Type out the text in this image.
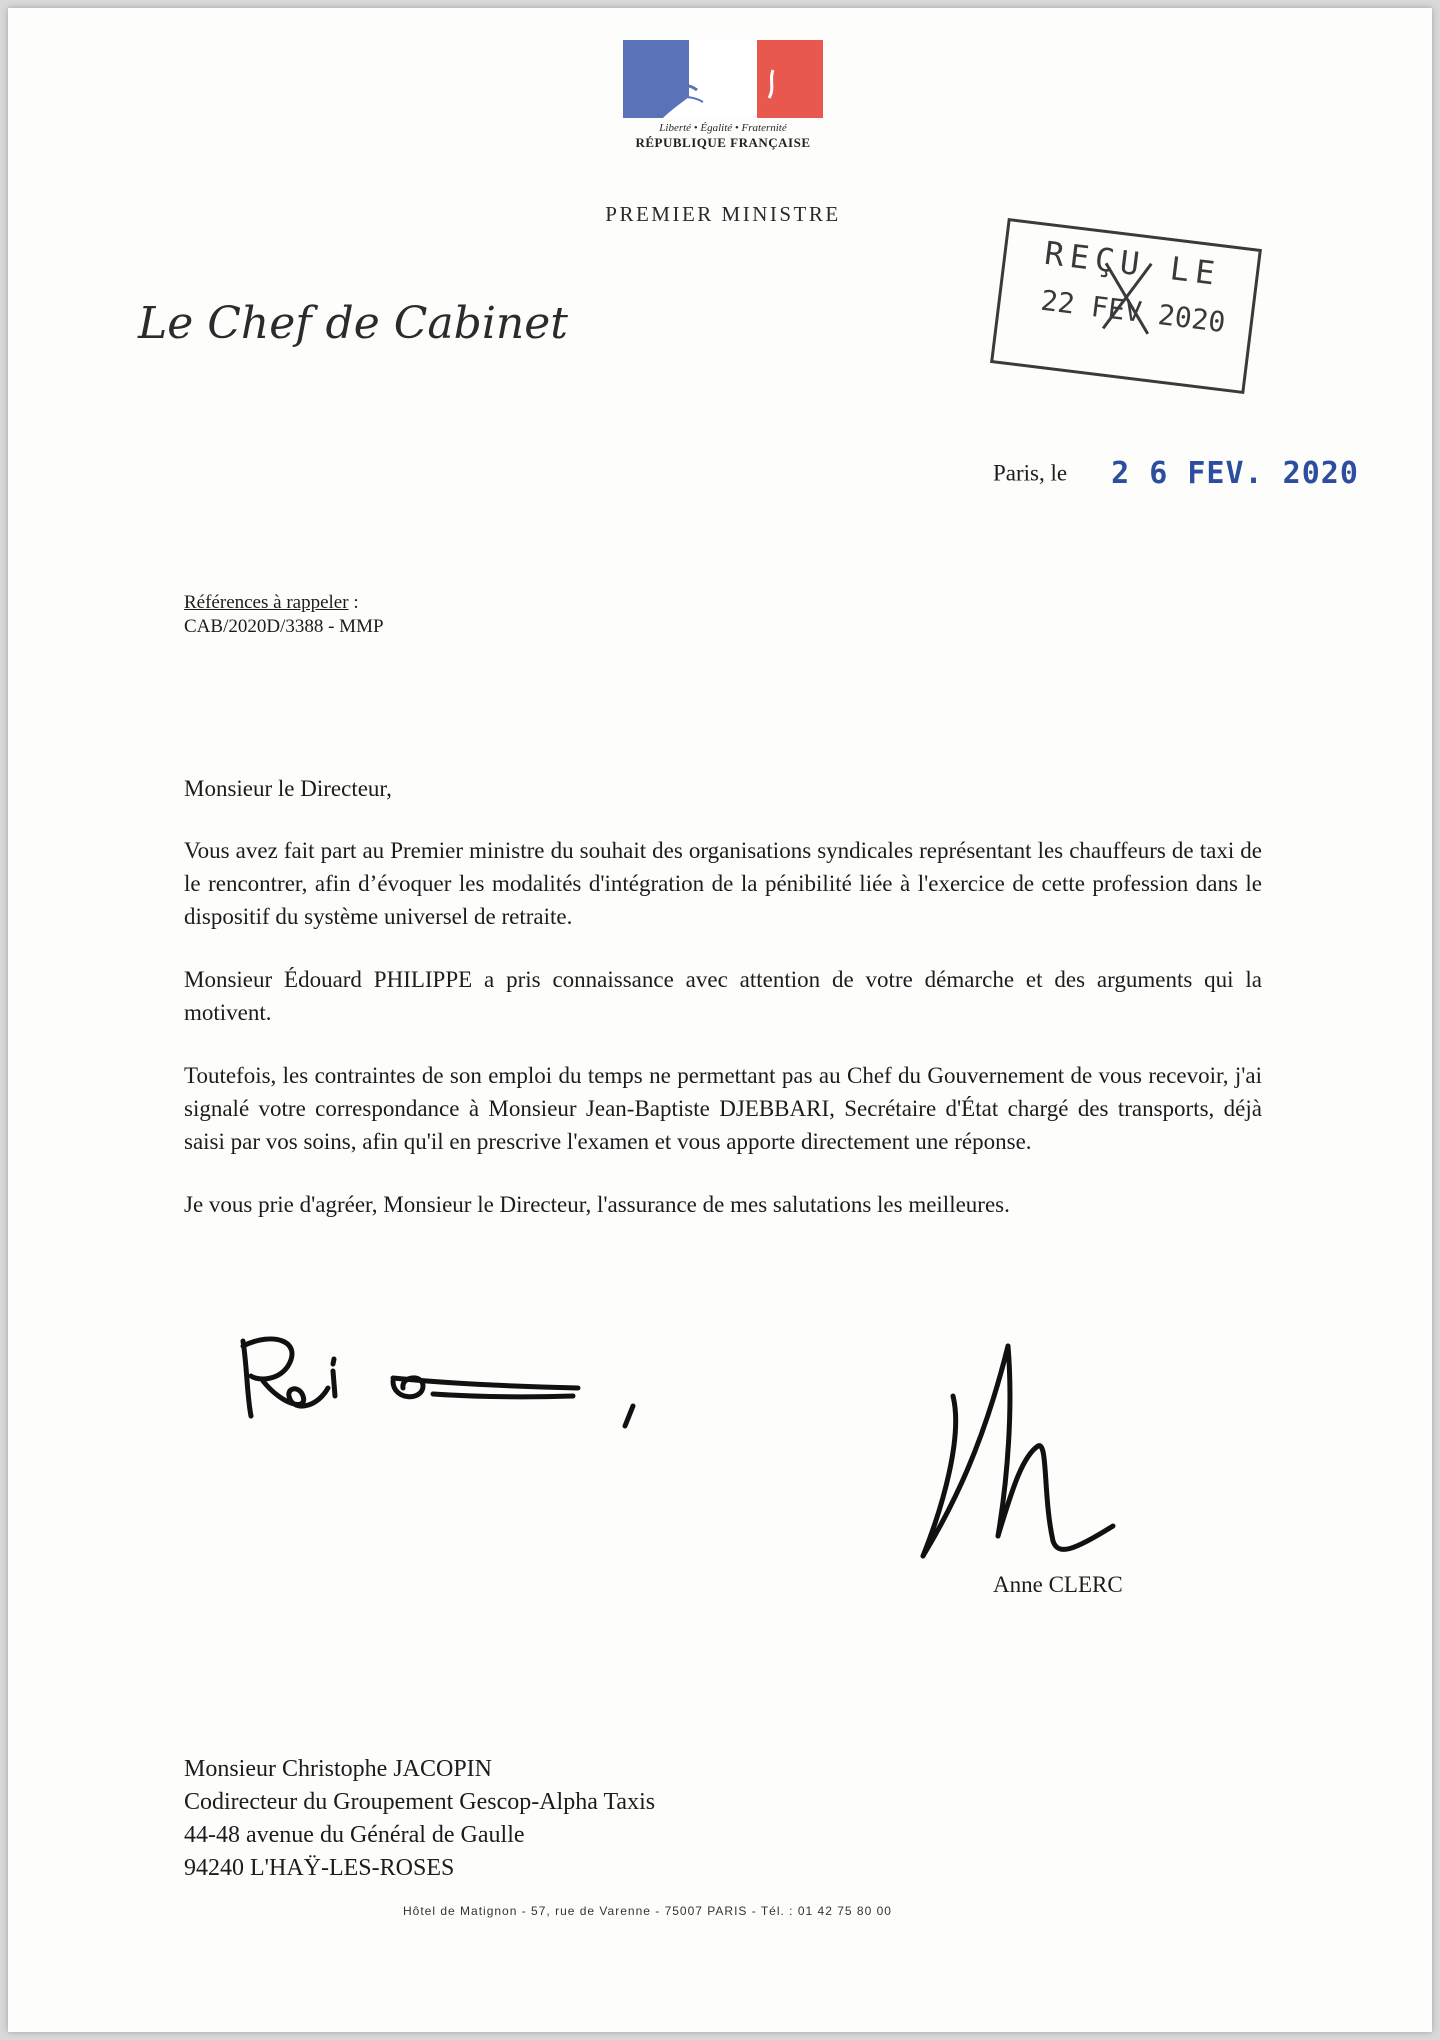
Liberté • Égalité • Fraternité
RÉPUBLIQUE FRANÇAISE
PREMIER MINISTRE
Le Chef de Cabinet
REÇU LE
22 FEV 2020
Paris, le 2 6 FEV. 2020
Références à rappeler :
CAB/2020D/3388 - MMP
Monsieur le Directeur,

Vous avez fait part au Premier ministre du souhait des organisations syndicales représentant les chauffeurs de taxi de le rencontrer, afin d’évoquer les modalités d'intégration de la pénibilité liée à l'exercice de cette profession dans le dispositif du système universel de retraite.

Monsieur Édouard PHILIPPE a pris connaissance avec attention de votre démarche et des arguments qui la motivent.

Toutefois, les contraintes de son emploi du temps ne permettant pas au Chef du Gouvernement de vous recevoir, j'ai signalé votre correspondance à Monsieur Jean-Baptiste DJEBBARI, Secrétaire d'État chargé des transports, déjà saisi par vos soins, afin qu'il en prescrive l'examen et vous apporte directement une réponse.

Je vous prie d'agréer, Monsieur le Directeur, l'assurance de mes salutations les meilleures.

Anne CLERC
Monsieur Christophe JACOPIN
Codirecteur du Groupement Gescop-Alpha Taxis
44-48 avenue du Général de Gaulle
94240 L'HAŸ-LES-ROSES
Hôtel de Matignon - 57, rue de Varenne - 75007 PARIS - Tél. : 01 42 75 80 00
